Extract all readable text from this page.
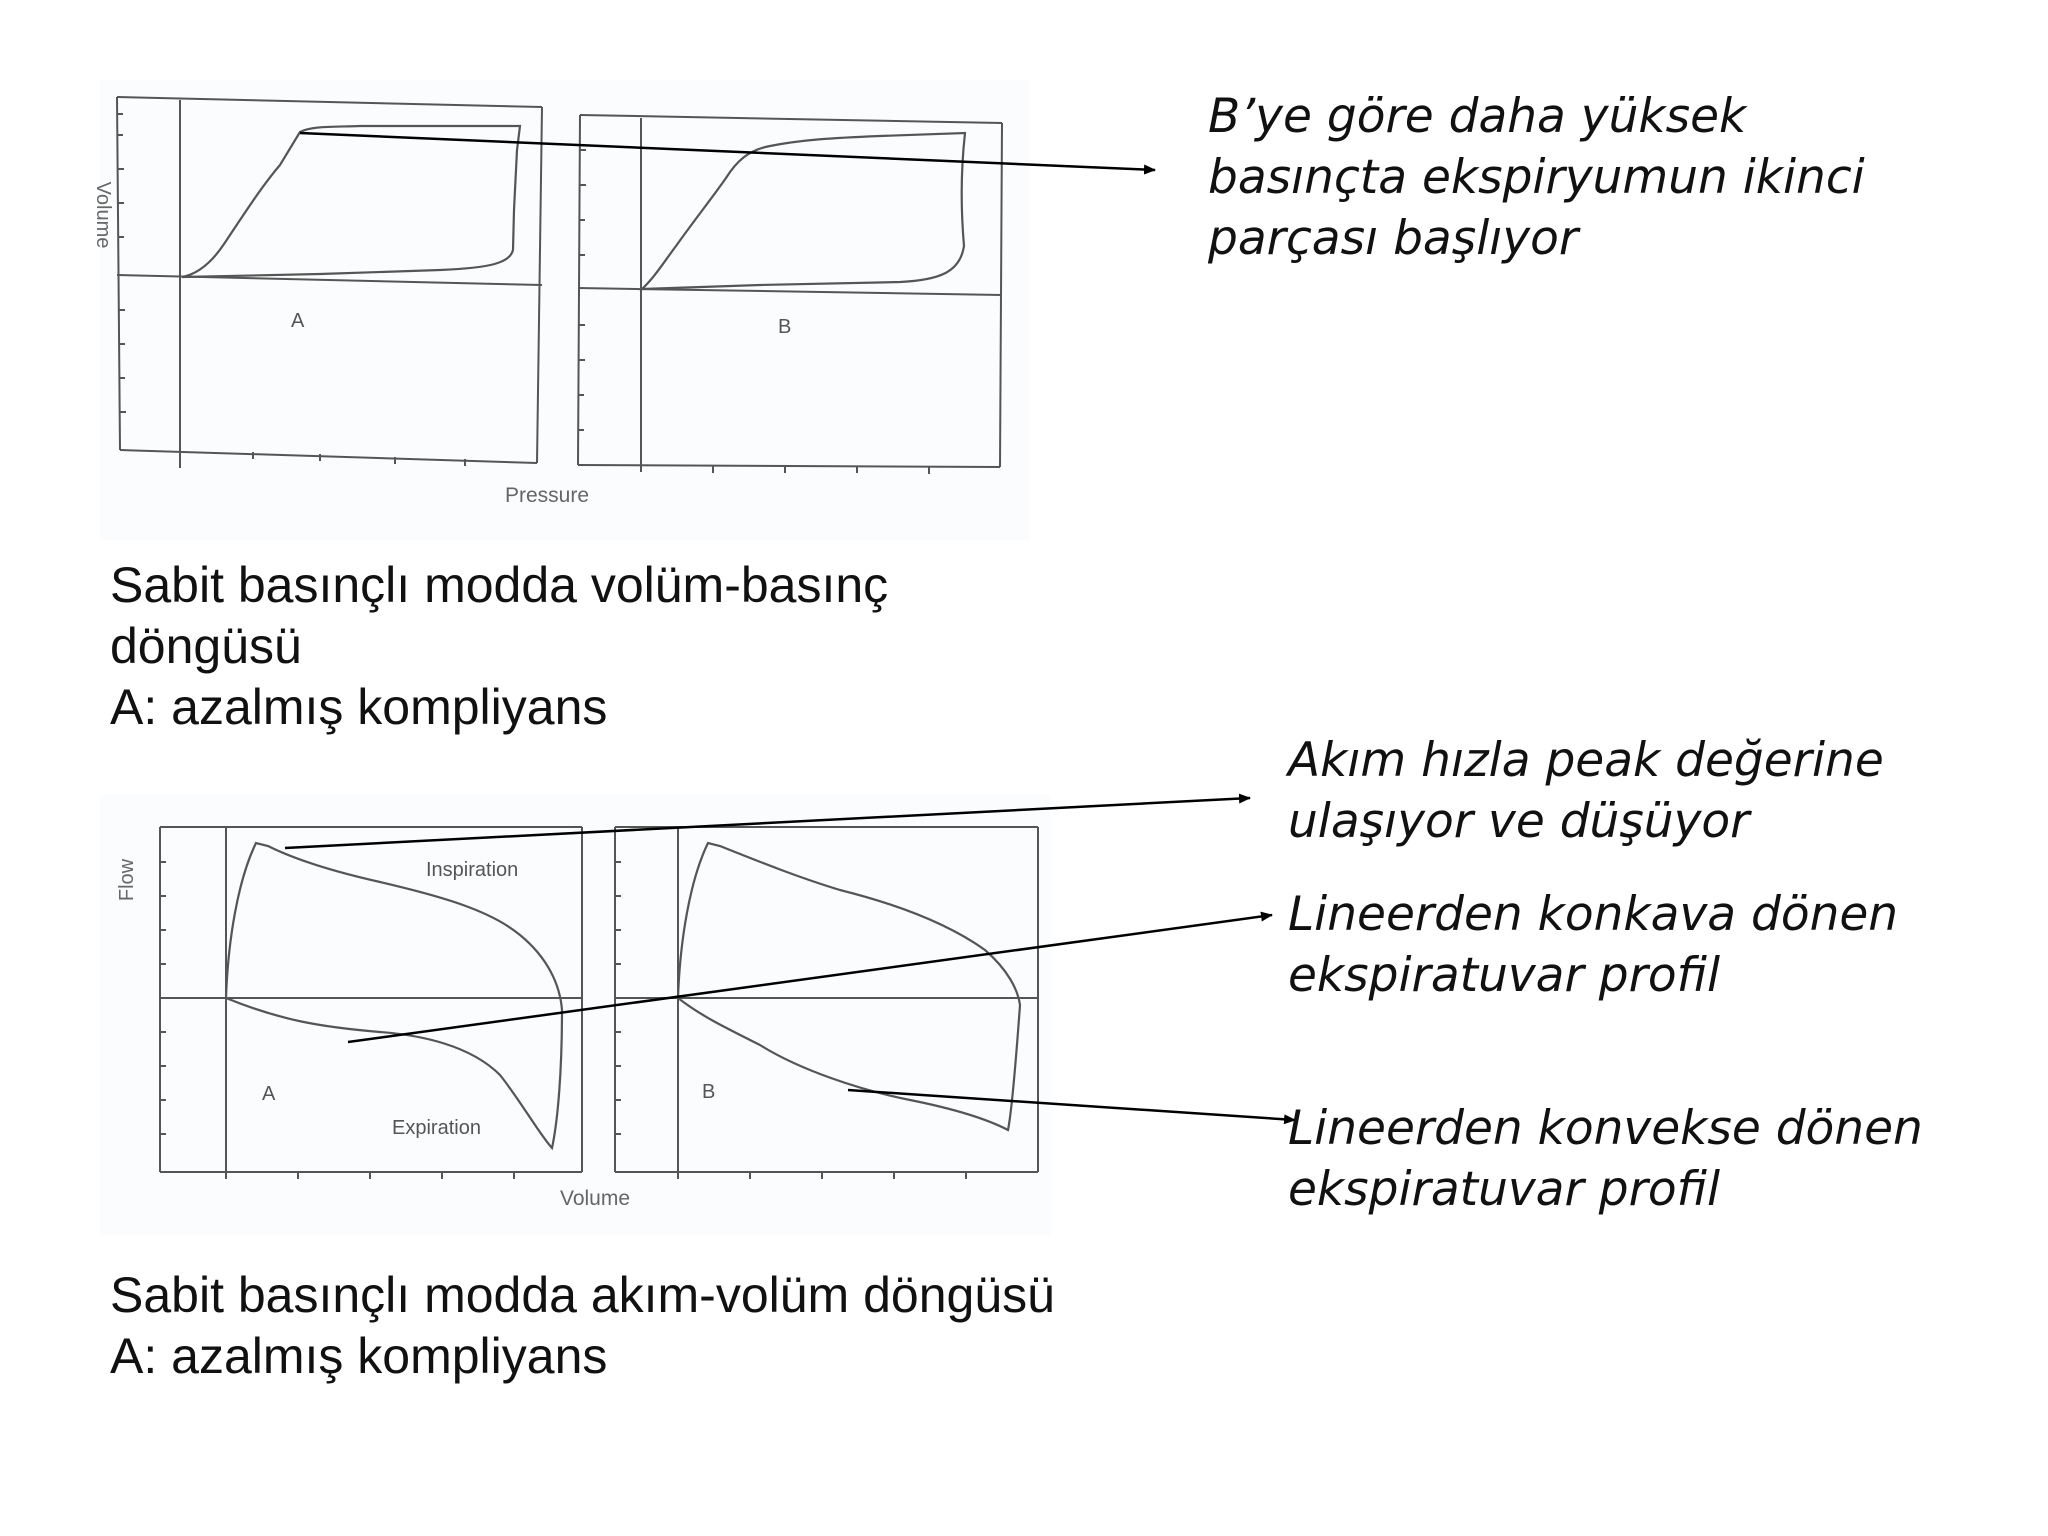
A	B
Volume
Pressure
A
Inspiration
Expiration
B
Flow
Volume
Sabit basınçlı modda volüm-basınç
döngüsü
A: azalmış kompliyans
Sabit basınçlı modda akım-volüm döngüsü
A: azalmış kompliyans
B’ye göre daha yüksek
basınçta ekspiryumun ikinci
parçası başlıyor
Akım hızla peak değerine
ulaşıyor ve düşüyor
Lineerden konkava dönen
ekspiratuvar profil
Lineerden konvekse dönen
ekspiratuvar profil
